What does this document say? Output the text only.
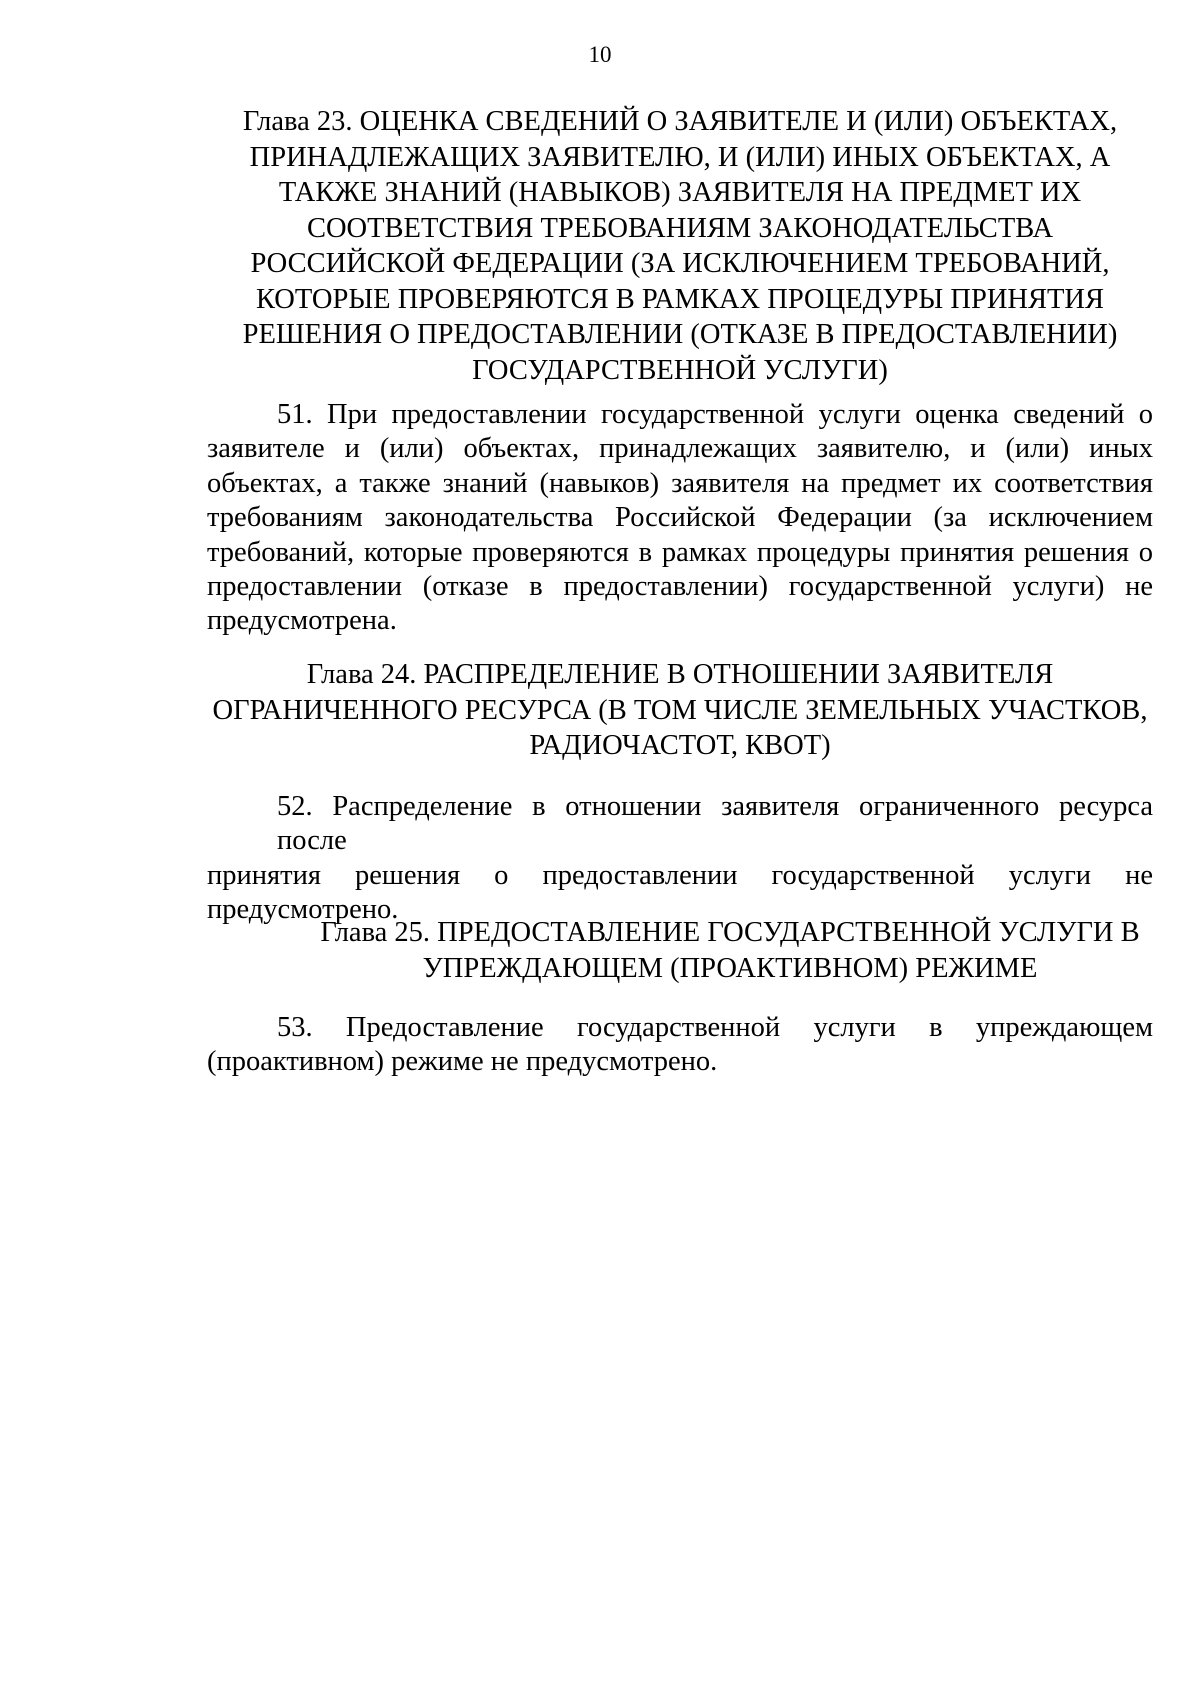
10
Глава 23. ОЦЕНКА СВЕДЕНИЙ О ЗАЯВИТЕЛЕ И (ИЛИ) ОБЪЕКТАХ,
ПРИНАДЛЕЖАЩИХ ЗАЯВИТЕЛЮ, И (ИЛИ) ИНЫХ ОБЪЕКТАХ, А
ТАКЖЕ ЗНАНИЙ (НАВЫКОВ) ЗАЯВИТЕЛЯ НА ПРЕДМЕТ ИХ
СООТВЕТСТВИЯ ТРЕБОВАНИЯМ ЗАКОНОДАТЕЛЬСТВА
РОССИЙСКОЙ ФЕДЕРАЦИИ (ЗА ИСКЛЮЧЕНИЕМ ТРЕБОВАНИЙ,
КОТОРЫЕ ПРОВЕРЯЮТСЯ В РАМКАХ ПРОЦЕДУРЫ ПРИНЯТИЯ
РЕШЕНИЯ О ПРЕДОСТАВЛЕНИИ (ОТКАЗЕ В ПРЕДОСТАВЛЕНИИ)
ГОСУДАРСТВЕННОЙ УСЛУГИ)
51. При предоставлении государственной услуги оценка сведений о
заявителе и (или) объектах, принадлежащих заявителю, и (или) иных
объектах, а также знаний (навыков) заявителя на предмет их соответствия
требованиям законодательства Российской Федерации (за исключением
требований, которые проверяются в рамках процедуры принятия решения о
предоставлении (отказе в предоставлении) государственной услуги) не
предусмотрена.
Глава 24. РАСПРЕДЕЛЕНИЕ В ОТНОШЕНИИ ЗАЯВИТЕЛЯ
ОГРАНИЧЕННОГО РЕСУРСА (В ТОМ ЧИСЛЕ ЗЕМЕЛЬНЫХ УЧАСТКОВ,
РАДИОЧАСТОТ, КВОТ)
52. Распределение в отношении заявителя ограниченного ресурса после
принятия решения о предоставлении государственной услуги не
предусмотрено.
Глава 25. ПРЕДОСТАВЛЕНИЕ ГОСУДАРСТВЕННОЙ УСЛУГИ В
УПРЕЖДАЮЩЕМ (ПРОАКТИВНОМ) РЕЖИМЕ
53. Предоставление государственной услуги в упреждающем
(проактивном) режиме не предусмотрено.
